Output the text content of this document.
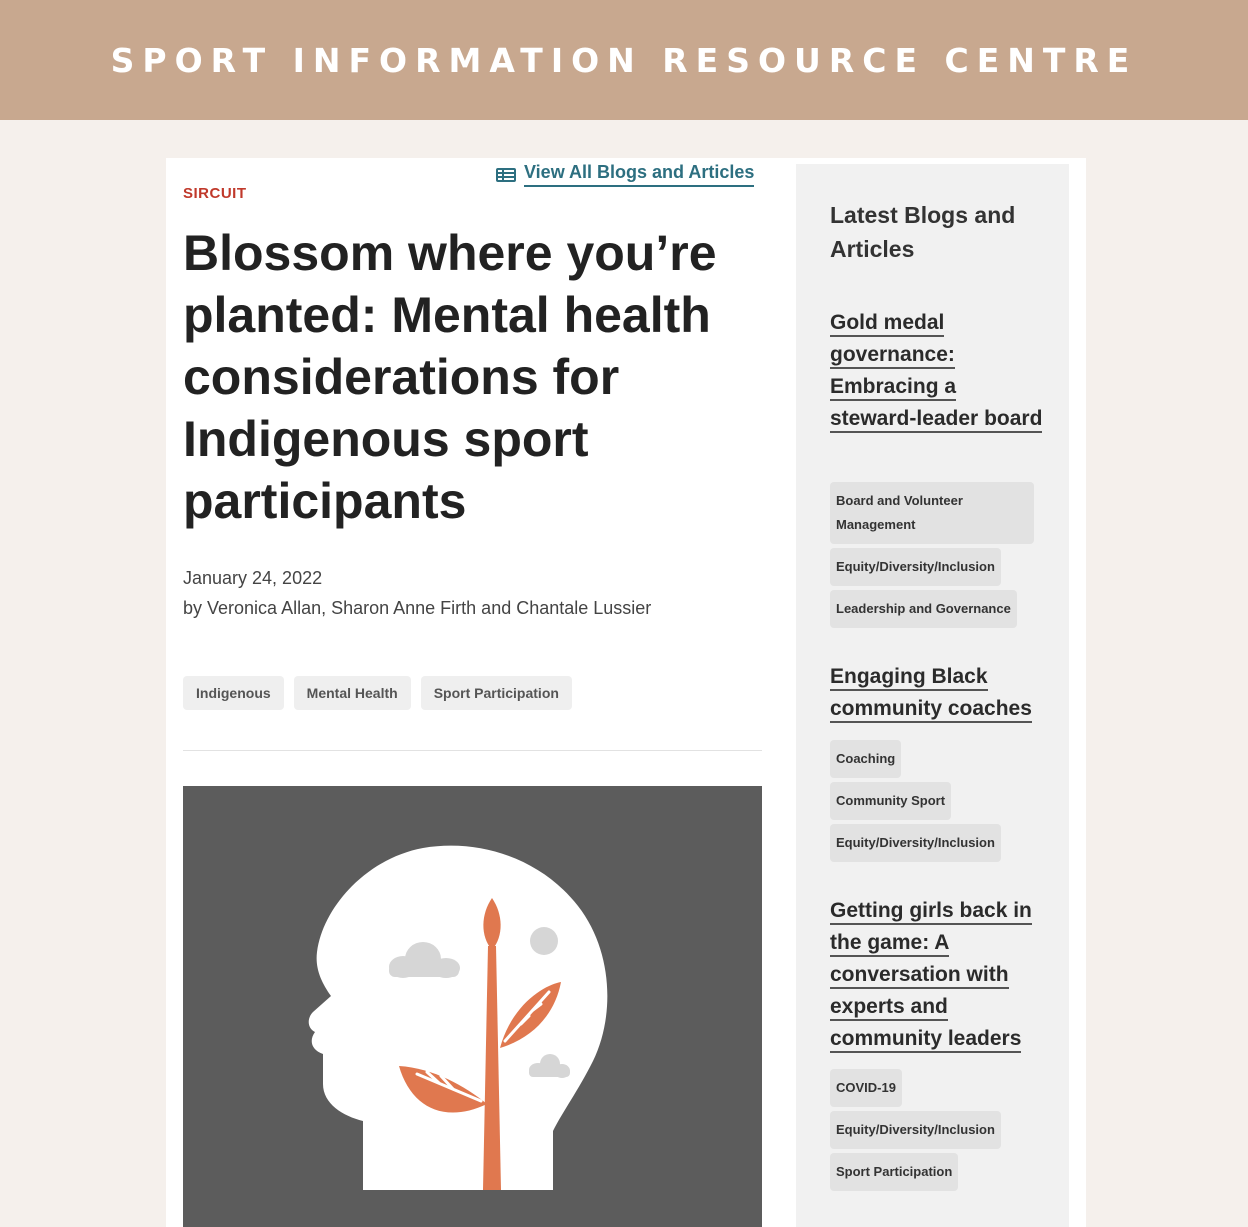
SPORT INFORMATION RESOURCE CENTRE
View All Blogs and Articles
SIRCUIT
Blossom where you’re planted: Mental health considerations for Indigenous sport participants
January 24, 2022
by Veronica Allan, Sharon Anne Firth and Chantale Lussier
Indigenous	Mental Health	Sport Participation
Latest Blogs and Articles
Gold medal governance: Embracing a steward-leader board
Board and Volunteer Management
Equity/Diversity/Inclusion
Leadership and Governance
Engaging Black community coaches
Coaching
Community Sport
Equity/Diversity/Inclusion
Getting girls back in the game: A conversation with experts and community leaders
COVID-19
Equity/Diversity/Inclusion
Sport Participation
